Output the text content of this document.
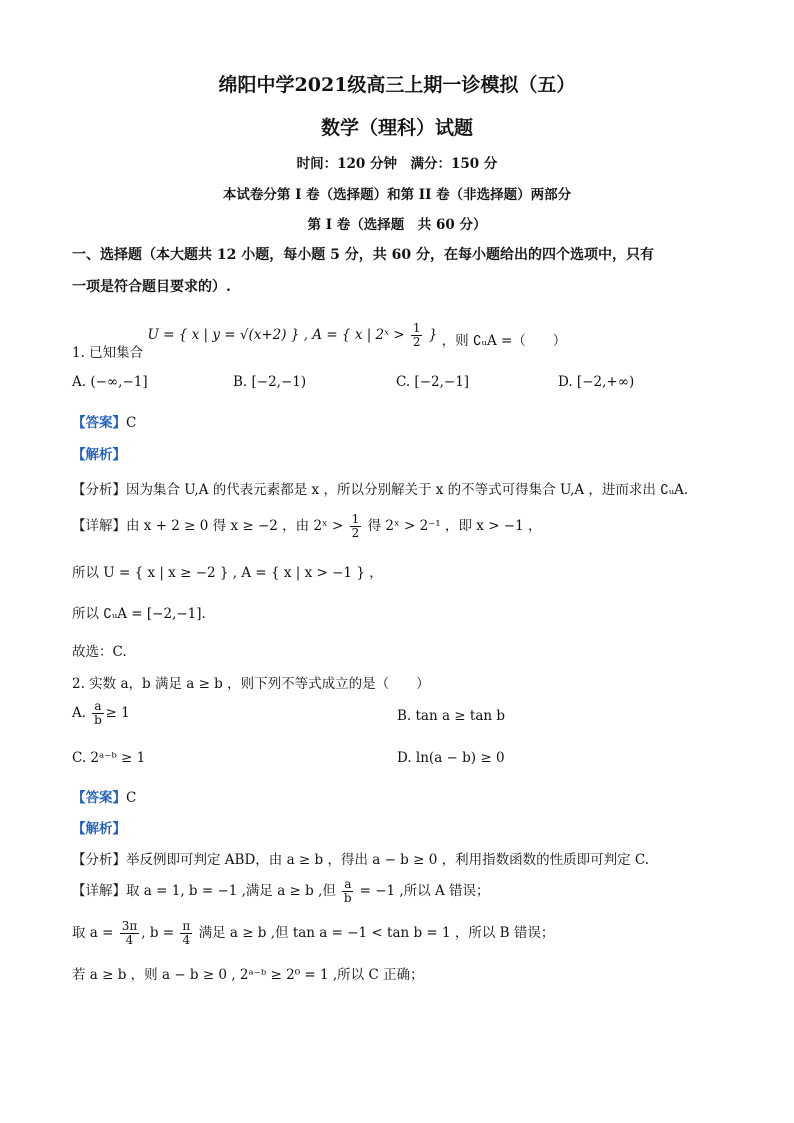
绵阳中学2021级高三上期一诊模拟（五）
数学（理科）试题
时间：120 分钟　满分：150 分
本试卷分第 I 卷（选择题）和第 II 卷（非选择题）两部分
第 I 卷（选择题　共 60 分）
一、选择题（本大题共 12 小题，每小题 5 分，共 60 分，在每小题给出的四个选项中，只有
一项是符合题目要求的）.
1. 已知集合 U = { x | y = √(x+2) } , A = { x | 2ˣ > $\frac{1}{2}$ } ，则 ∁ᵤA =（　　）
A. (−∞,−1]	B. [−2,−1)	C. [−2,−1]	D. [−2,+∞)
【答案】C
【解析】
【分析】因为集合 U,A 的代表元素都是 x ，所以分别解关于 x 的不等式可得集合 U,A ，进而求出 ∁ᵤA.
【详解】由 x + 2 ≥ 0 得 x ≥ −2 ，由 2ˣ > $\frac{1}{2}$ 得 2ˣ > 2⁻¹ ，即 x > −1 ，
所以 U = { x | x ≥ −2 } , A = { x | x > −1 } ，
所以 ∁ᵤA = [−2,−1].
故选：C.
2. 实数 a，b 满足 a ≥ b ，则下列不等式成立的是（　　）
A. $\frac{a}{b} \ge 1$	B. tan a ≥ tan b
C. 2ᵃ⁻ᵇ ≥ 1	D. ln(a − b) ≥ 0
【答案】C
【解析】
【分析】举反例即可判定 ABD，由 a ≥ b ，得出 a − b ≥ 0 ，利用指数函数的性质即可判定 C.
【详解】取 a = 1, b = −1 ,满足 a ≥ b ,但 $\frac{a}{b} = -1$ ,所以 A 错误；
取 $a = \frac{3\pi}{4}$ , $b = \frac{\pi}{4}$ 满足 a ≥ b ,但 tan a = −1 < tan b = 1 ，所以 B 错误；
若 a ≥ b ，则 a − b ≥ 0 , 2ᵃ⁻ᵇ ≥ 2⁰ = 1 ,所以 C 正确；
